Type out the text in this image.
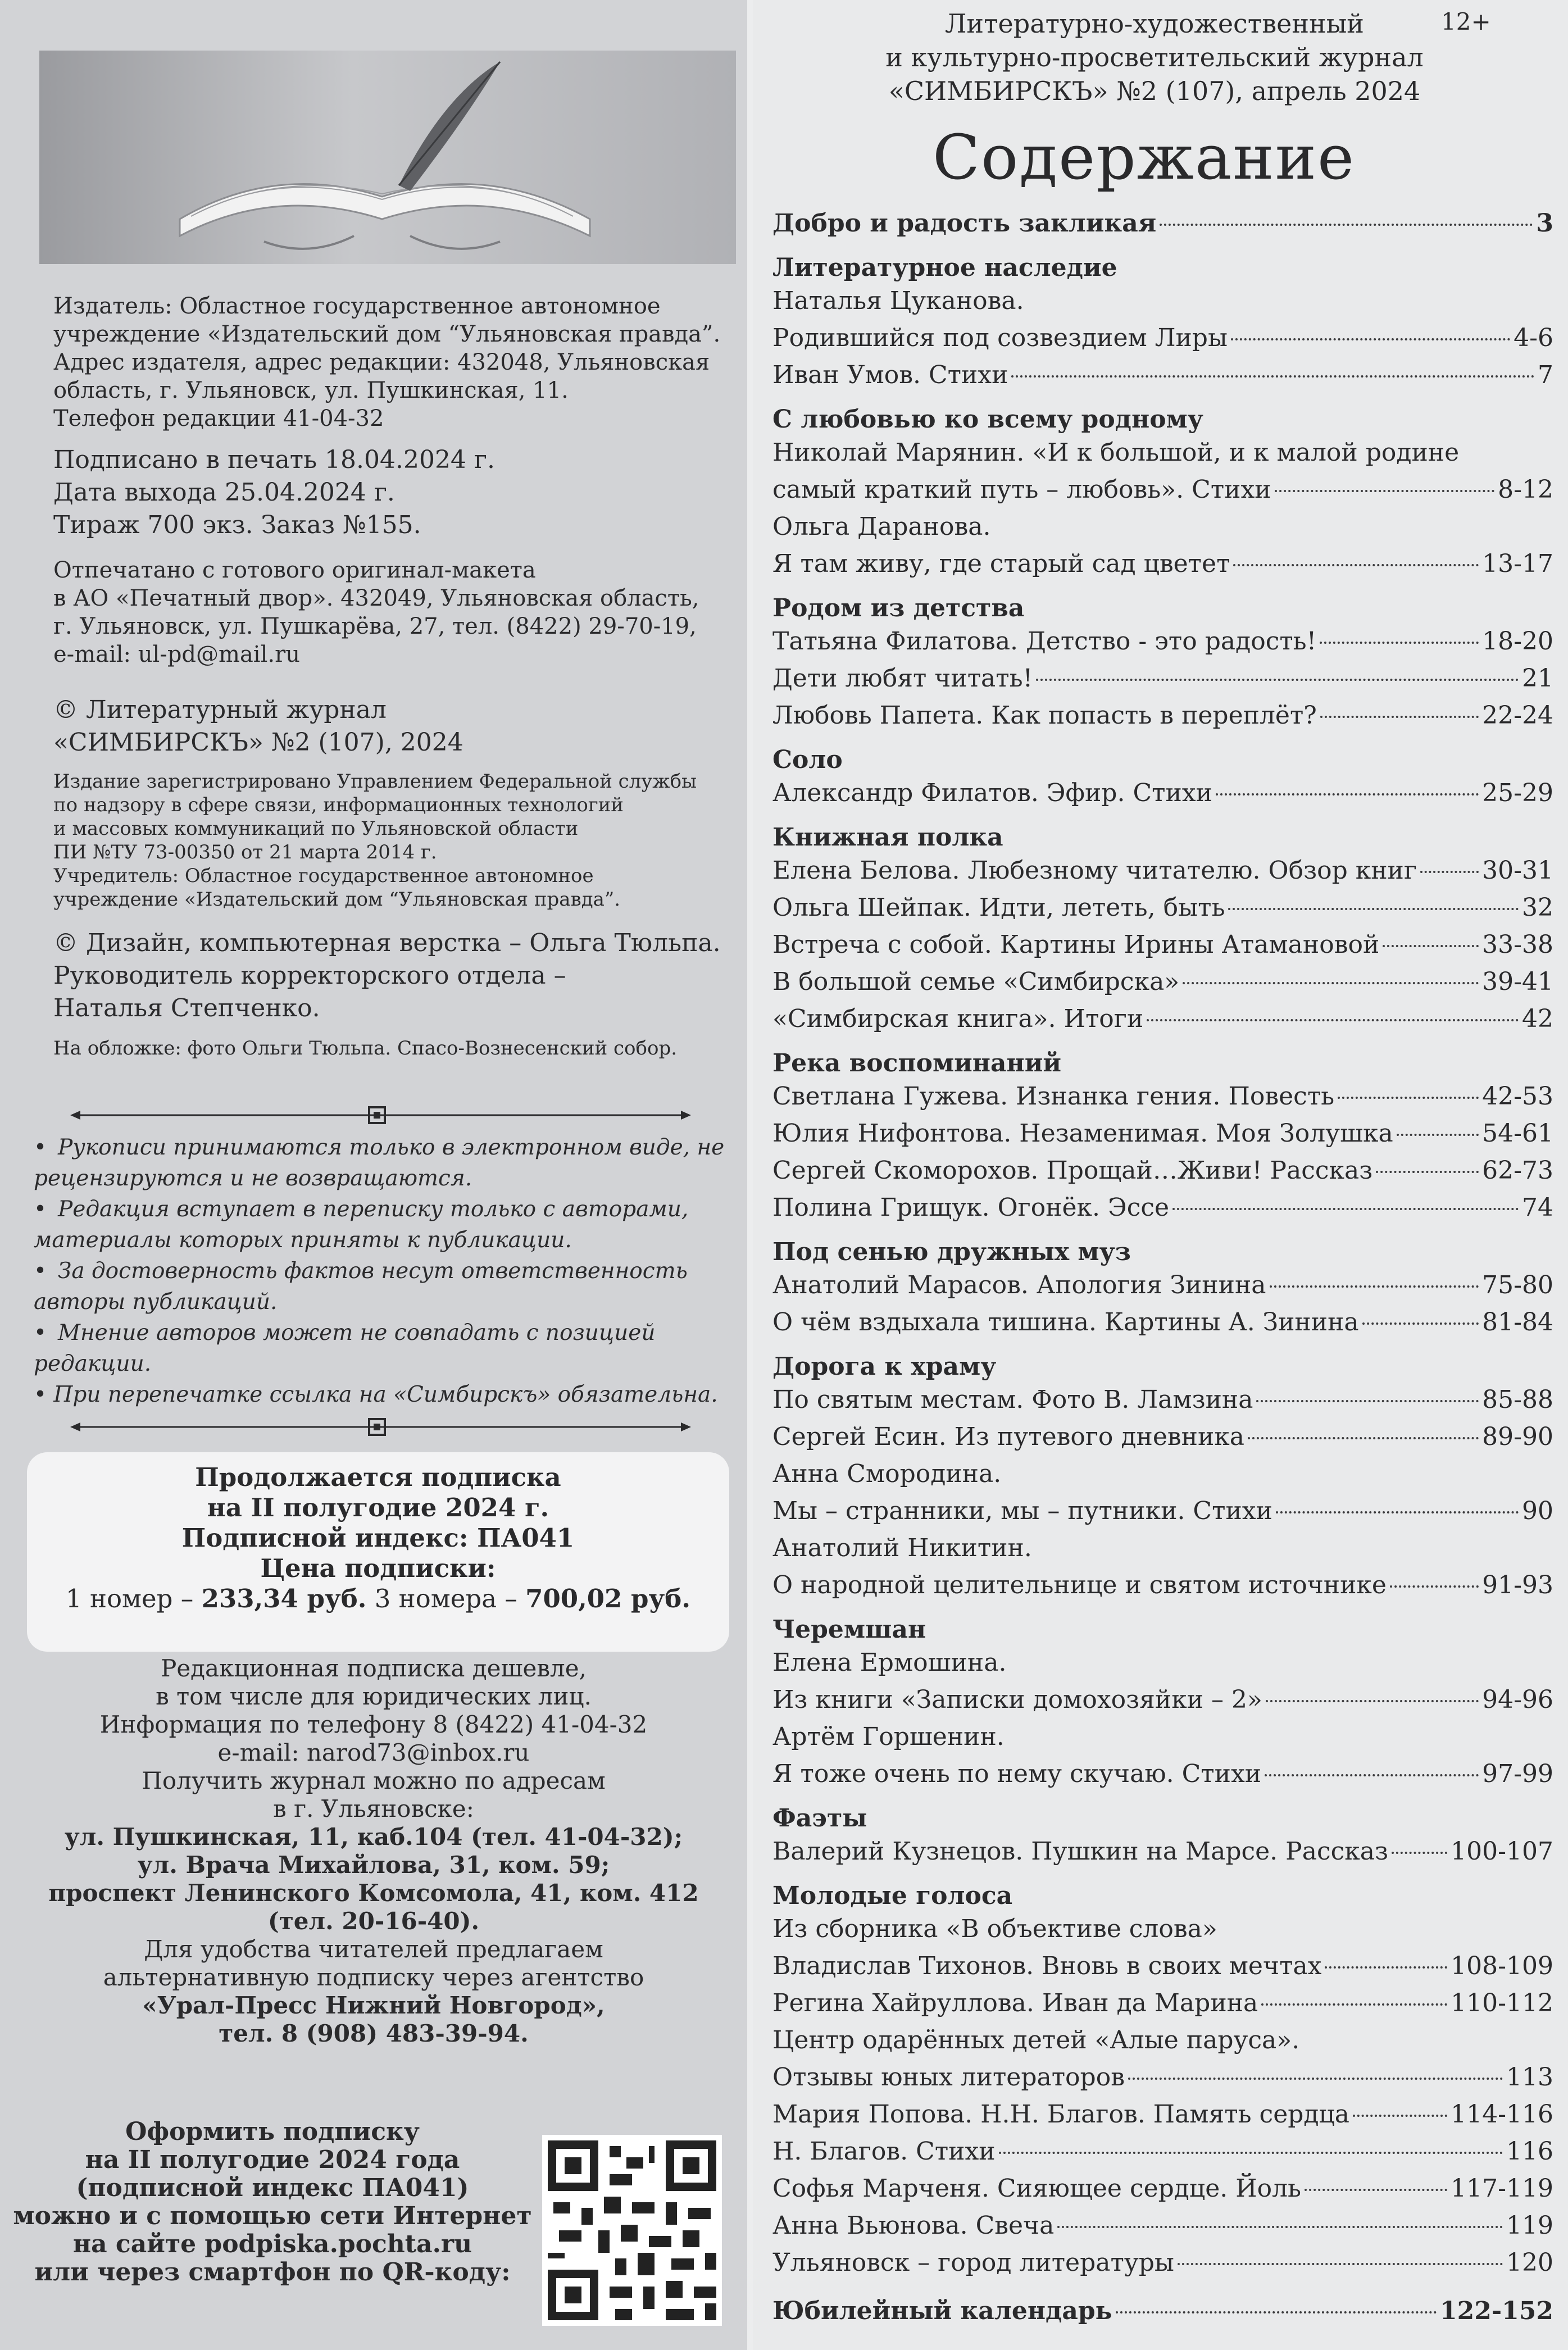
Издатель: Областное государственное автономное
учреждение «Издательский дом “Ульяновская правда”.
Адрес издателя, адрес редакции: 432048, Ульяновская
область, г. Ульяновск, ул. Пушкинская, 11.
Телефон редакции 41-04-32
Подписано в печать 18.04.2024 г.
Дата выхода 25.04.2024 г.
Тираж 700 экз. Заказ №155.
Отпечатано с готового оригинал-макета
в АО «Печатный двор». 432049, Ульяновская область,
г. Ульяновск, ул. Пушкарёва, 27, тел. (8422) 29-70-19,
e-mail: ul-pd@mail.ru
© Литературный журнал
«СИМБИРСКЪ» №2 (107), 2024
Издание зарегистрировано Управлением Федеральной службы
по надзору в сфере связи, информационных технологий
и массовых коммуникаций по Ульяновской области
ПИ №ТУ 73-00350 от 21 марта 2014 г.
Учредитель: Областное государственное автономное
учреждение «Издательский дом “Ульяновская правда”.
© Дизайн, компьютерная верстка – Ольга Тюльпа.
Руководитель корректорского отдела –
Наталья Степченко.

На обложке: фото Ольги Тюльпа. Спасо-Вознесенский собор.

• Рукописи принимаются только в электронном виде, не рецензируются и не возвращаются.
• Редакция вступает в переписку только с авторами, материалы которых приняты к публикации.
• За достоверность фактов несут ответственность авторы публикаций.
• Мнение авторов может не совпадать с позицией редакции.
• При перепечатке ссылка на «Симбирскъ» обязательна.

Продолжается подписка

на II полугодие 2024 г.

Подписной индекс: ПА041

Цена подписки:

1 номер – 233,34 руб. 3 номера – 700,02 руб.

Редакционная подписка дешевле,

в том числе для юридических лиц.

Информация по телефону 8 (8422) 41-04-32

e-mail: narod73@inbox.ru

Получить журнал можно по адресам

в г. Ульяновске:

ул. Пушкинская, 11, каб.104 (тел. 41-04-32);

ул. Врача Михайлова, 31, ком. 59;

проспект Ленинского Комсомола, 41, ком. 412

(тел. 20-16-40).

Для удобства читателей предлагаем

альтернативную подписку через агентство

«Урал-Пресс Нижний Новгород»,

тел. 8 (908) 483-39-94.

Оформить подписку

на II полугодие 2024 года

(подписной индекс ПА041)

можно и с помощью сети Интернет

на сайте podpiska.pochta.ru

или через смартфон по QR-коду:

Литературно-художественный
и культурно-просветительский журнал
«СИМБИРСКЪ» №2 (107), апрель 2024

12+

Содержание
Добро и радость закликая	3
Литературное наследие
Наталья Цуканова.
Родившийся под созвездием Лиры	4-6
Иван Умов. Стихи	7
С любовью ко всему родному
Николай Марянин. «И к большой, и к малой родине
самый краткий путь – любовь». Стихи	8-12
Ольга Даранова.
Я там живу, где старый сад цветет	13-17
Родом из детства
Татьяна Филатова. Детство - это радость!	18-20
Дети любят читать!	21
Любовь Папета. Как попасть в переплёт?	22-24
Соло
Александр Филатов. Эфир. Стихи	25-29
Книжная полка
Елена Белова. Любезному читателю. Обзор книг	30-31
Ольга Шейпак. Идти, лететь, быть	32
Встреча с собой. Картины Ирины Атамановой	33-38
В большой семье «Симбирска»	39-41
«Симбирская книга». Итоги	42
Река воспоминаний
Светлана Гужева. Изнанка гения. Повесть	42-53
Юлия Нифонтова. Незаменимая. Моя Золушка	54-61
Сергей Скоморохов. Прощай…Живи! Рассказ	62-73
Полина Грищук. Огонёк. Эссе	74
Под сенью дружных муз
Анатолий Марасов. Апология Зинина	75-80
О чём вздыхала тишина. Картины А. Зинина	81-84
Дорога к храму
По святым местам. Фото В. Ламзина	85-88
Сергей Есин. Из путевого дневника	89-90
Анна Смородина.
Мы – странники, мы – путники. Стихи	90
Анатолий Никитин.
О народной целительнице и святом источнике	91-93
Черемшан
Елена Ермошина.
Из книги «Записки домохозяйки – 2»	94-96
Артём Горшенин.
Я тоже очень по нему скучаю. Стихи	97-99
Фаэты
Валерий Кузнецов. Пушкин на Марсе. Рассказ	100-107
Молодые голоса
Из сборника «В объективе слова»
Владислав Тихонов. Вновь в своих мечтах	108-109
Регина Хайруллова. Иван да Марина	110-112
Центр одарённых детей «Алые паруса».
Отзывы юных литераторов	113
Мария Попова. Н.Н. Благов. Память сердца	114-116
Н. Благов. Стихи	116
Софья Марченя. Сияющее сердце. Йоль	117-119
Анна Вьюнова. Свеча	119
Ульяновск – город литературы	120
Юбилейный календарь	122-152
